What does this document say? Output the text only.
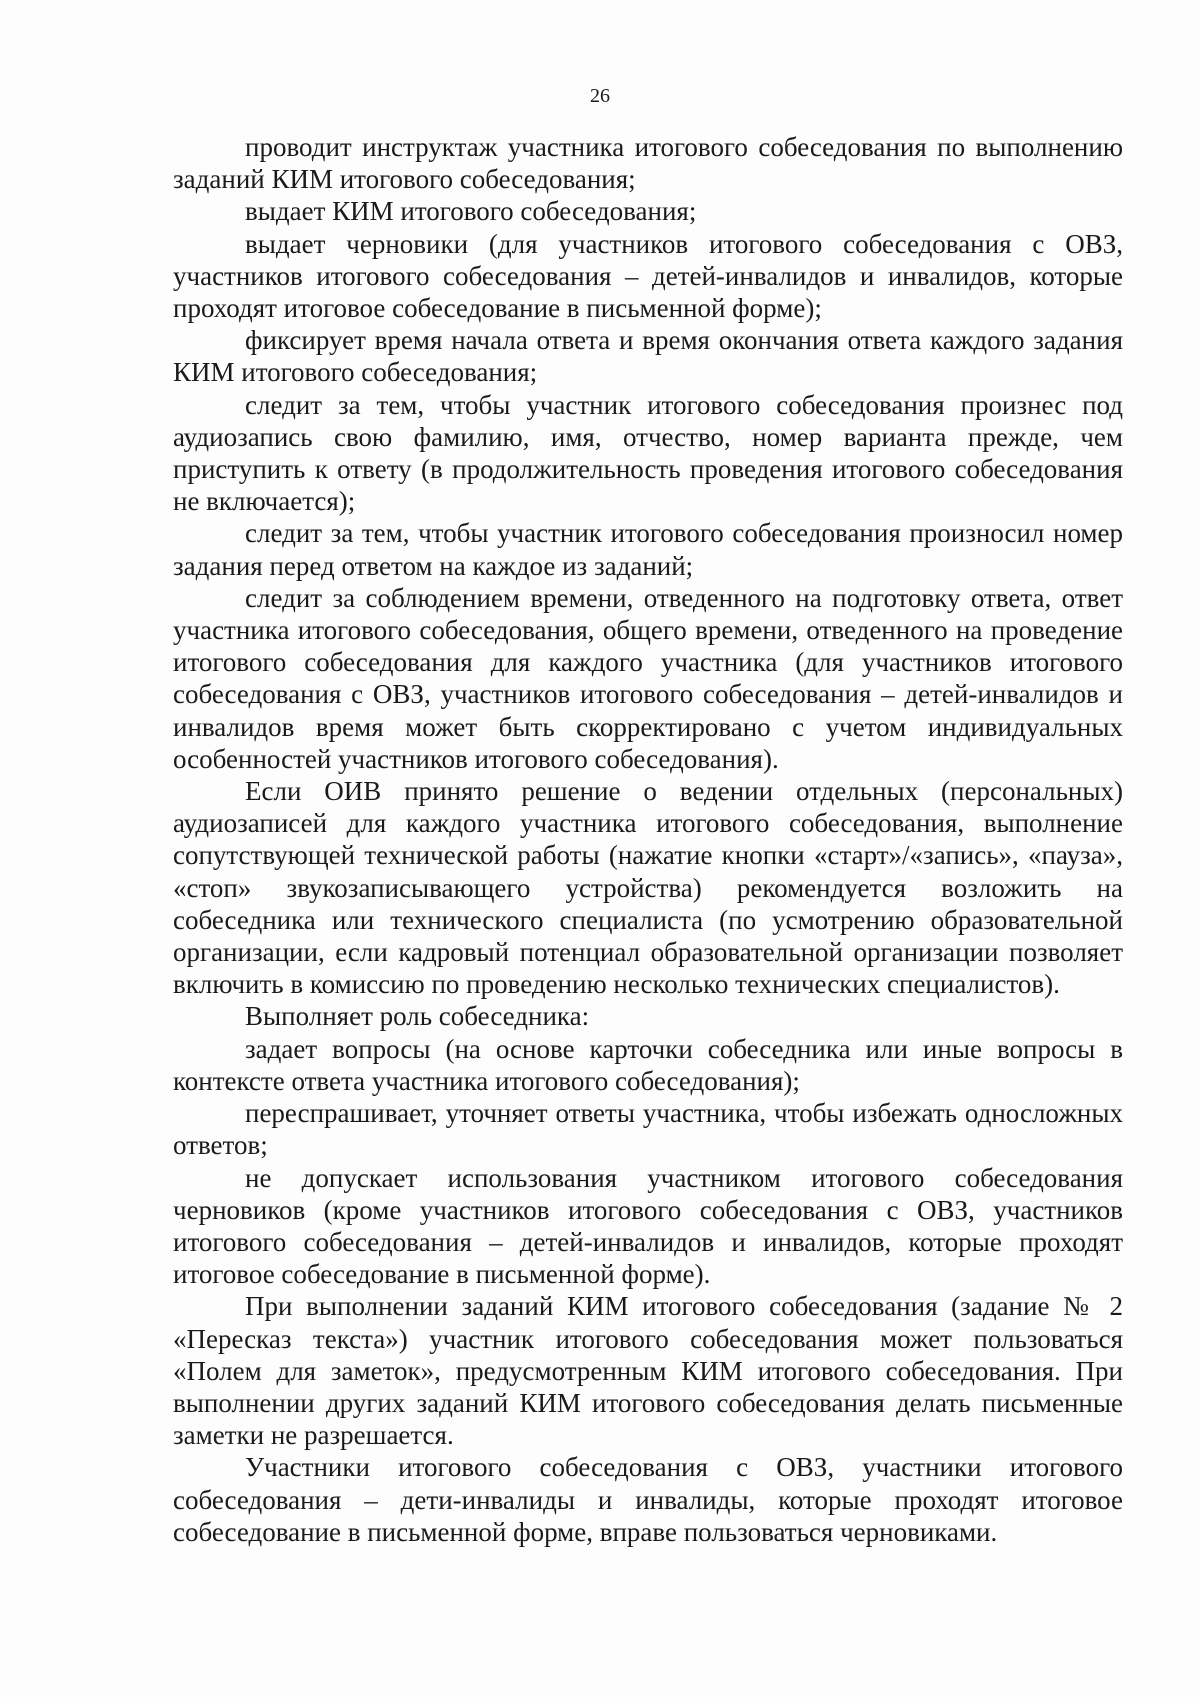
26

проводит инструктаж участника итогового собеседования по выполнению заданий КИМ итогового собеседования;

выдает КИМ итогового собеседования;

выдает черновики (для участников итогового собеседования с ОВЗ, участников итогового собеседования – детей-инвалидов и инвалидов, которые проходят итоговое собеседование в письменной форме);

фиксирует время начала ответа и время окончания ответа каждого задания КИМ итогового собеседования;

следит за тем, чтобы участник итогового собеседования произнес под аудиозапись свою фамилию, имя, отчество, номер варианта прежде, чем приступить к ответу (в продолжительность проведения итогового собеседования не включается);

следит за тем, чтобы участник итогового собеседования произносил номер задания перед ответом на каждое из заданий;

следит за соблюдением времени, отведенного на подготовку ответа, ответ участника итогового собеседования, общего времени, отведенного на проведение итогового собеседования для каждого участника (для участников итогового собеседования с ОВЗ, участников итогового собеседования – детей-инвалидов и инвалидов время может быть скорректировано с учетом индивидуальных особенностей участников итогового собеседования).

Если ОИВ принято решение о ведении отдельных (персональных) аудиозаписей для каждого участника итогового собеседования, выполнение сопутствующей технической работы (нажатие кнопки «старт»/«запись», «пауза», «стоп» звукозаписывающего устройства) рекомендуется возложить на собеседника или технического специалиста (по усмотрению образовательной организации, если кадровый потенциал образовательной организации позволяет включить в комиссию по проведению несколько технических специалистов).

Выполняет роль собеседника:

задает вопросы (на основе карточки собеседника или иные вопросы в контексте ответа участника итогового собеседования);

переспрашивает, уточняет ответы участника, чтобы избежать односложных ответов;

не допускает использования участником итогового собеседования черновиков (кроме участников итогового собеседования с ОВЗ, участников итогового собеседования – детей-инвалидов и инвалидов, которые проходят итоговое собеседование в письменной форме).

При выполнении заданий КИМ итогового собеседования (задание № 2 «Пересказ текста») участник итогового собеседования может пользоваться «Полем для заметок», предусмотренным КИМ итогового собеседования. При выполнении других заданий КИМ итогового собеседования делать письменные заметки не разрешается.

Участники итогового собеседования с ОВЗ, участники итогового собеседования – дети-инвалиды и инвалиды, которые проходят итоговое собеседование в письменной форме, вправе пользоваться черновиками.
